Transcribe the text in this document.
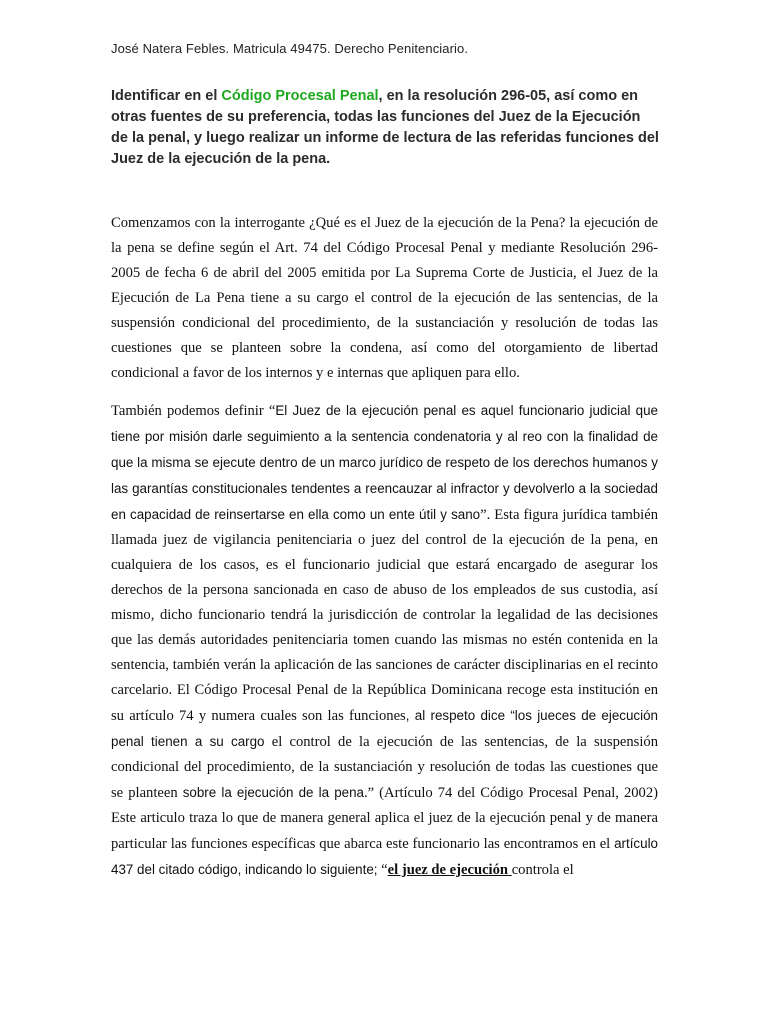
José Natera Febles. Matricula 49475. Derecho Penitenciario.
Identificar en el Código Procesal Penal, en la resolución 296-05, así como en otras fuentes de su preferencia, todas las funciones del Juez de la Ejecución de la penal, y luego realizar un informe de lectura de las referidas funciones del Juez de la ejecución de la pena.

Comenzamos con la interrogante ¿Qué es el Juez de la ejecución de la Pena? la ejecución de la pena se define según el Art. 74 del Código Procesal Penal y mediante Resolución 296-2005 de fecha 6 de abril del 2005 emitida por La Suprema Corte de Justicia, el Juez de la Ejecución de La Pena tiene a su cargo el control de la ejecución de las sentencias, de la suspensión condicional del procedimiento, de la sustanciación y resolución de todas las cuestiones que se planteen sobre la condena, así como del otorgamiento de libertad condicional a favor de los internos y e internas que apliquen para ello.

También podemos definir “El Juez de la ejecución penal es aquel funcionario judicial que tiene por misión darle seguimiento a la sentencia condenatoria y al reo con la finalidad de que la misma se ejecute dentro de un marco jurídico de respeto de los derechos humanos y las garantías constitucionales tendentes a reencauzar al infractor y devolverlo a la sociedad en capacidad de reinsertarse en ella como un ente útil y sano”. Esta figura jurídica también llamada juez de vigilancia penitenciaria o juez del control de la ejecución de la pena, en cualquiera de los casos, es el funcionario judicial que estará encargado de asegurar los derechos de la persona sancionada en caso de abuso de los empleados de sus custodia, así mismo, dicho funcionario tendrá la jurisdicción de controlar la legalidad de las decisiones que las demás autoridades penitenciaria tomen cuando las mismas no estén contenida en la sentencia, también verán la aplicación de las sanciones de carácter disciplinarias en el recinto carcelario. El Código Procesal Penal de la República Dominicana recoge esta institución en su artículo 74 y numera cuales son las funciones, al respeto dice “los jueces de ejecución penal tienen a su cargo el control de la ejecución de las sentencias, de la suspensión condicional del procedimiento, de la sustanciación y resolución de todas las cuestiones que se planteen sobre la ejecución de la pena.” (Artículo 74 del Código Procesal Penal, 2002) Este articulo traza lo que de manera general aplica el juez de la ejecución penal y de manera particular las funciones específicas que abarca este funcionario las encontramos en el artículo 437 del citado código, indicando lo siguiente; “el juez de ejecución controla el
